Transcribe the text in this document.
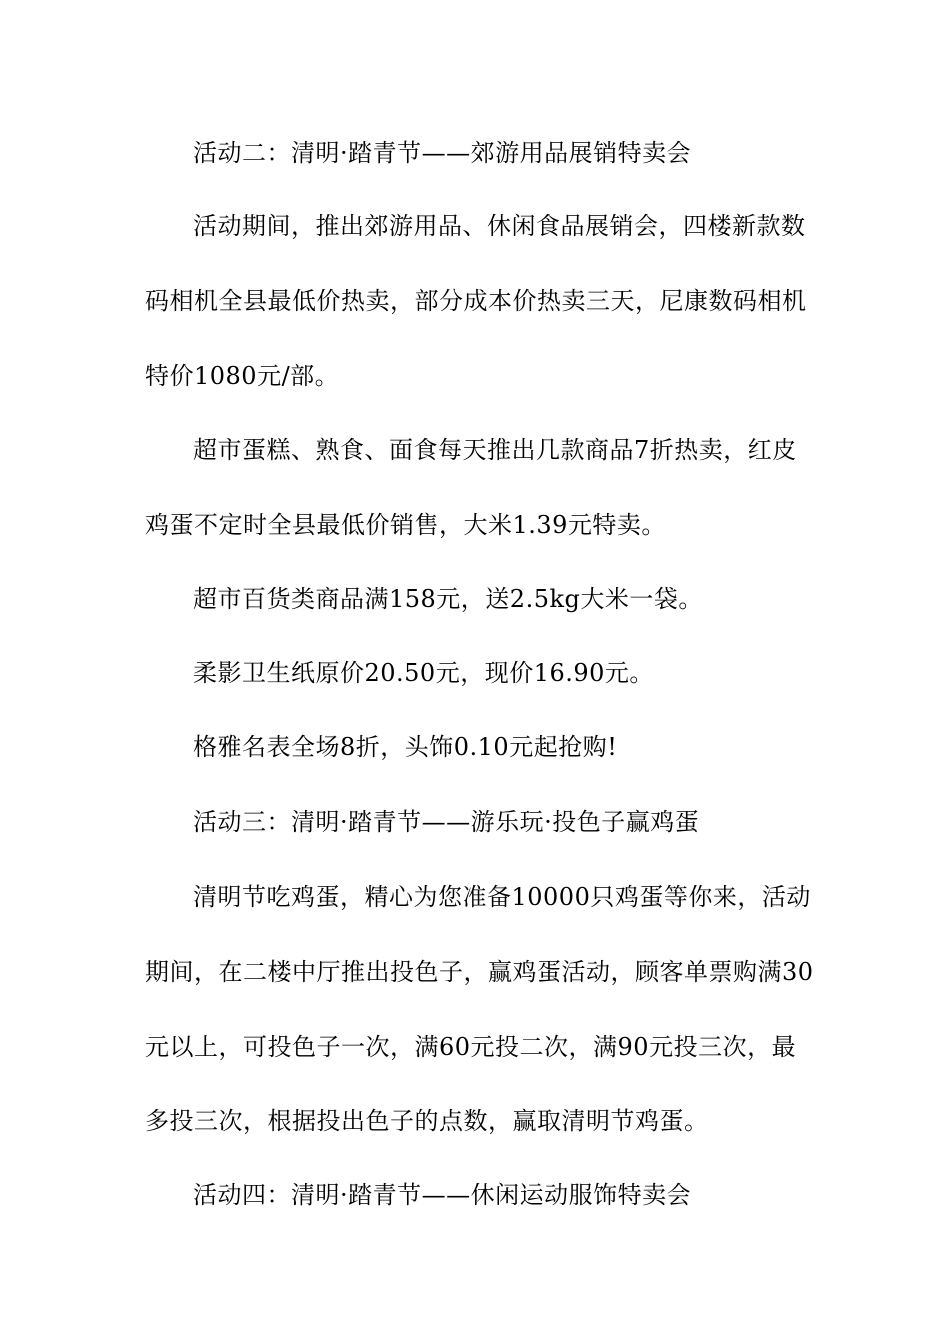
活动二：清明·踏青节——郊游用品展销特卖会
活动期间，推出郊游用品、休闲食品展销会，四楼新款数
码相机全县最低价热卖，部分成本价热卖三天，尼康数码相机
特价1080元/部。
超市蛋糕、熟食、面食每天推出几款商品7折热卖，红皮
鸡蛋不定时全县最低价销售，大米1.39元特卖。
超市百货类商品满158元，送2.5kg大米一袋。
柔影卫生纸原价20.50元，现价16.90元。
格雅名表全场8折，头饰0.10元起抢购!
活动三：清明·踏青节——游乐玩·投色子赢鸡蛋
清明节吃鸡蛋，精心为您准备10000只鸡蛋等你来，活动
期间，在二楼中厅推出投色子，赢鸡蛋活动，顾客单票购满30
元以上，可投色子一次，满60元投二次，满90元投三次，最
多投三次，根据投出色子的点数，赢取清明节鸡蛋。
活动四：清明·踏青节——休闲运动服饰特卖会
